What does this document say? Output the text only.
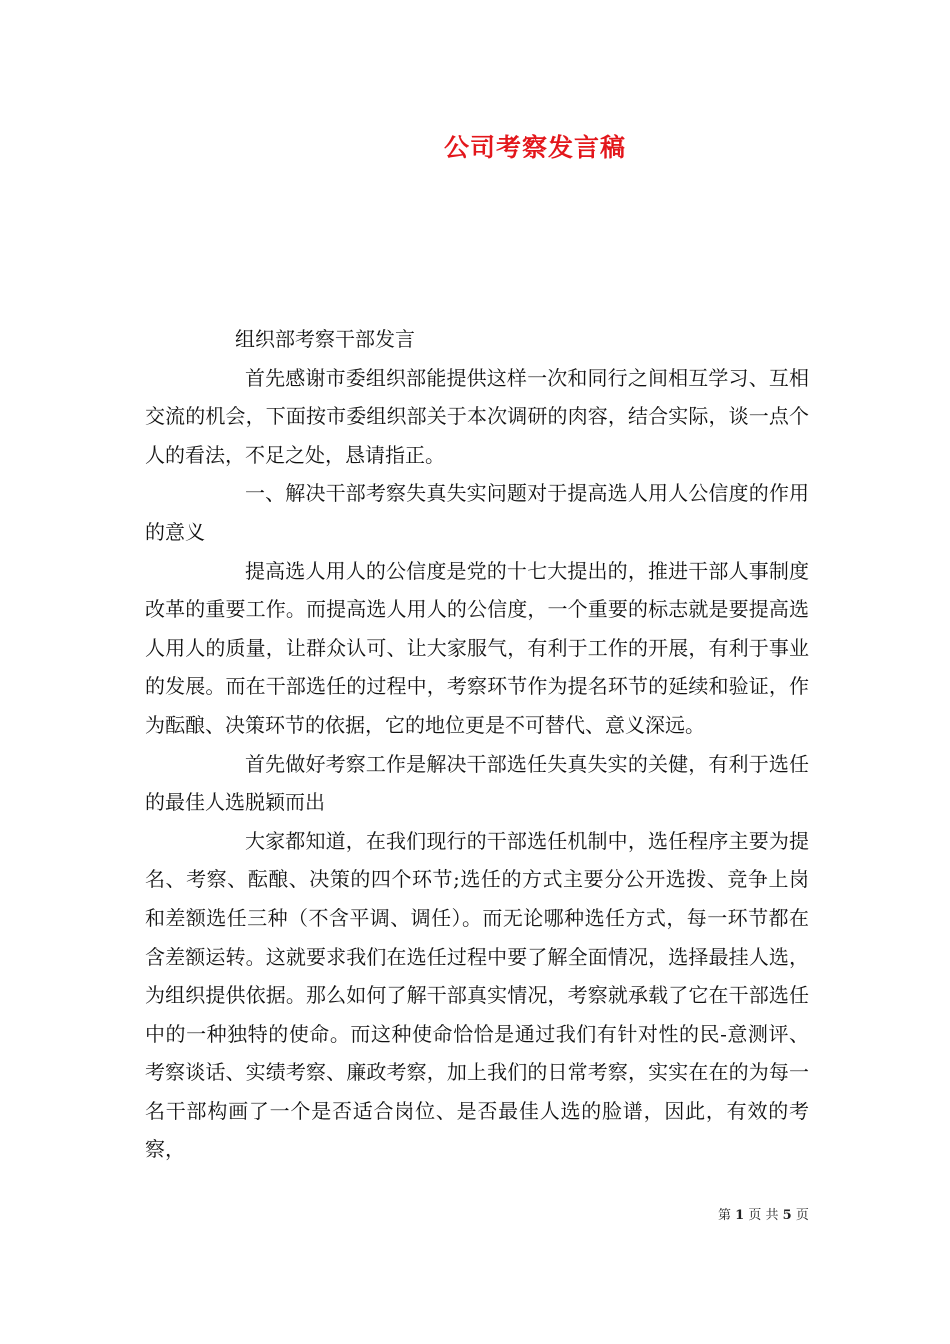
公司考察发言稿

组织部考察干部发言

首先感谢市委组织部能提供这样一次和同行之间相互学习、互相交流的机会，下面按市委组织部关于本次调研的肉容，结合实际，谈一点个人的看法，不足之处，恳请指正。

一、解决干部考察失真失实问题对于提高选人用人公信度的作用的意义

提高选人用人的公信度是党的十七大提出的，推进干部人事制度改革的重要工作。而提高选人用人的公信度，一个重要的标志就是要提高选人用人的质量，让群众认可、让大家服气，有利于工作的开展，有利于事业的发展。而在干部选任的过程中，考察环节作为提名环节的延续和验证，作为酝酿、决策环节的依据，它的地位更是不可替代、意义深远。

首先做好考察工作是解决干部选任失真失实的关健，有利于选任的最佳人选脱颖而出

大家都知道，在我们现行的干部选任机制中，选任程序主要为提名、考察、酝酿、决策的四个环节;选任的方式主要分公开选拨、竞争上岗和差额选任三种（不含平调、调任）。而无论哪种选任方式，每一环节都在含差额运转。这就要求我们在选任过程中要了解全面情况，选择最挂人选，为组织提供依据。那么如何了解干部真实情况，考察就承载了它在干部选任中的一种独特的使命。而这种使命恰恰是通过我们有针对性的民-意测评、考察谈话、实绩考察、廉政考察，加上我们的日常考察，实实在在的为每一名干部构画了一个是否适合岗位、是否最佳人选的脸谱，因此，有效的考察，

第 1 页 共 5 页
